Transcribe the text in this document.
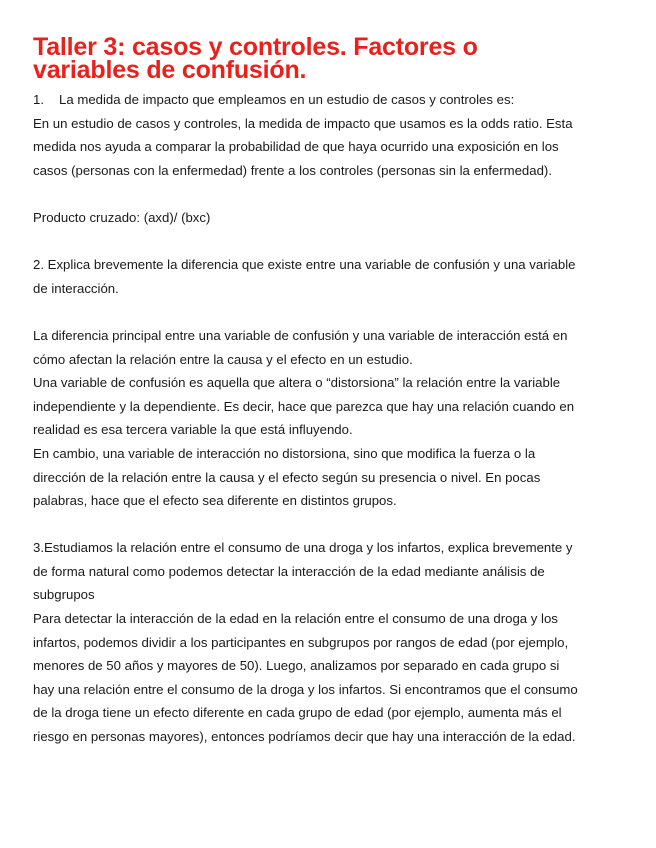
Taller 3: casos y controles. Factores o
variables de confusión.
1. La medida de impacto que empleamos en un estudio de casos y controles es:
En un estudio de casos y controles, la medida de impacto que usamos es la odds ratio. Esta
medida nos ayuda a comparar la probabilidad de que haya ocurrido una exposición en los
casos (personas con la enfermedad) frente a los controles (personas sin la enfermedad).
Producto cruzado: (axd)/ (bxc)
2. Explica brevemente la diferencia que existe entre una variable de confusión y una variable
de interacción.
La diferencia principal entre una variable de confusión y una variable de interacción está en
cómo afectan la relación entre la causa y el efecto en un estudio.
Una variable de confusión es aquella que altera o “distorsiona” la relación entre la variable
independiente y la dependiente. Es decir, hace que parezca que hay una relación cuando en
realidad es esa tercera variable la que está influyendo.
En cambio, una variable de interacción no distorsiona, sino que modifica la fuerza o la
dirección de la relación entre la causa y el efecto según su presencia o nivel. En pocas
palabras, hace que el efecto sea diferente en distintos grupos.
3.Estudiamos la relación entre el consumo de una droga y los infartos, explica brevemente y
de forma natural como podemos detectar la interacción de la edad mediante análisis de
subgrupos
Para detectar la interacción de la edad en la relación entre el consumo de una droga y los
infartos, podemos dividir a los participantes en subgrupos por rangos de edad (por ejemplo,
menores de 50 años y mayores de 50). Luego, analizamos por separado en cada grupo si
hay una relación entre el consumo de la droga y los infartos. Si encontramos que el consumo
de la droga tiene un efecto diferente en cada grupo de edad (por ejemplo, aumenta más el
riesgo en personas mayores), entonces podríamos decir que hay una interacción de la edad.
